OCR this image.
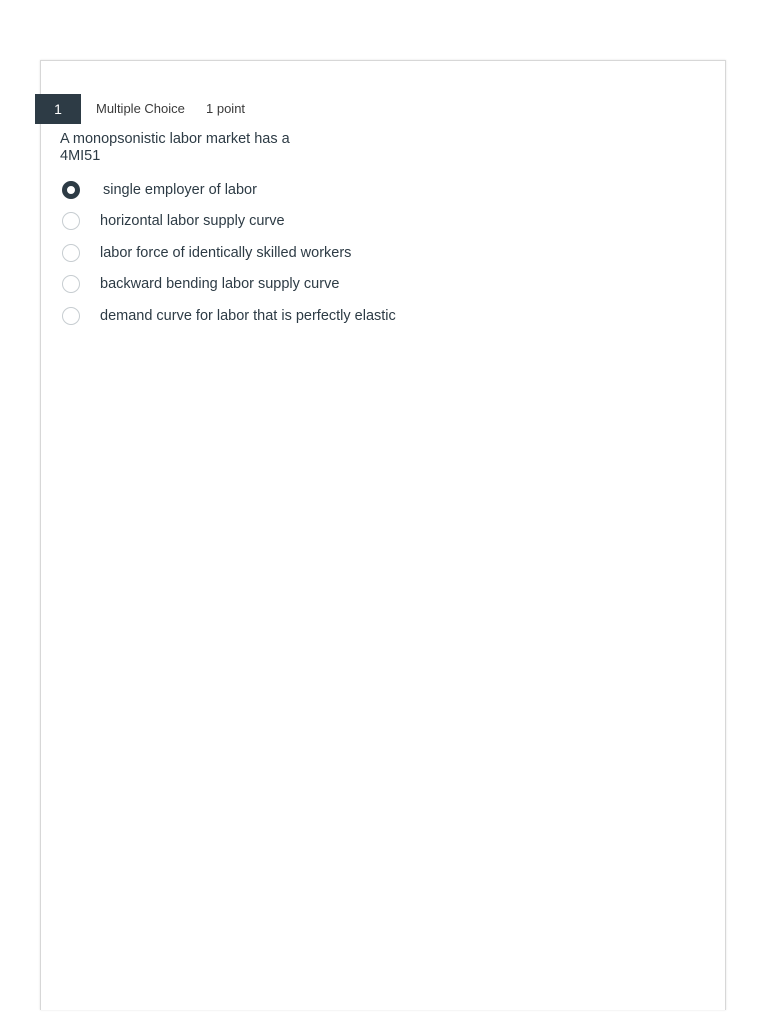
1	Multiple Choice 1 point
A monopsonistic labor market has a
4MI51
single employer of labor
horizontal labor supply curve
labor force of identically skilled workers
backward bending labor supply curve
demand curve for labor that is perfectly elastic
